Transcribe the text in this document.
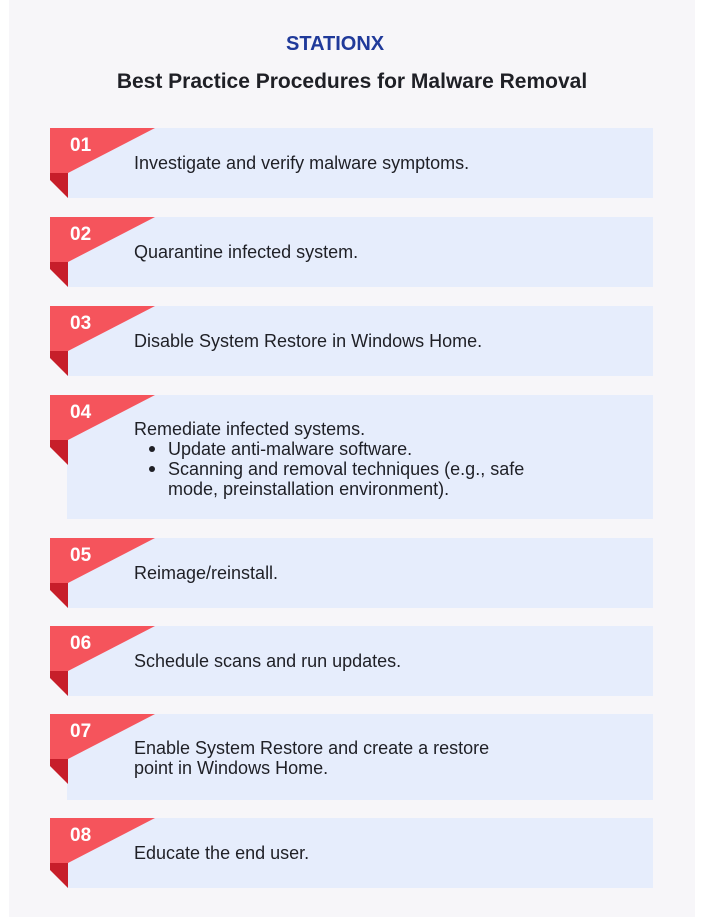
STATIONX
Best Practice Procedures for Malware Removal
01
Investigate and verify malware symptoms.
02
Quarantine infected system.
03
Disable System Restore in Windows Home.
04
Remediate infected systems.
Update anti-malware software.
Scanning and removal techniques (e.g., safe
mode, preinstallation environment).
05
Reimage/reinstall.
06
Schedule scans and run updates.
07
Enable System Restore and create a restore
point in Windows Home.
08
Educate the end user.
